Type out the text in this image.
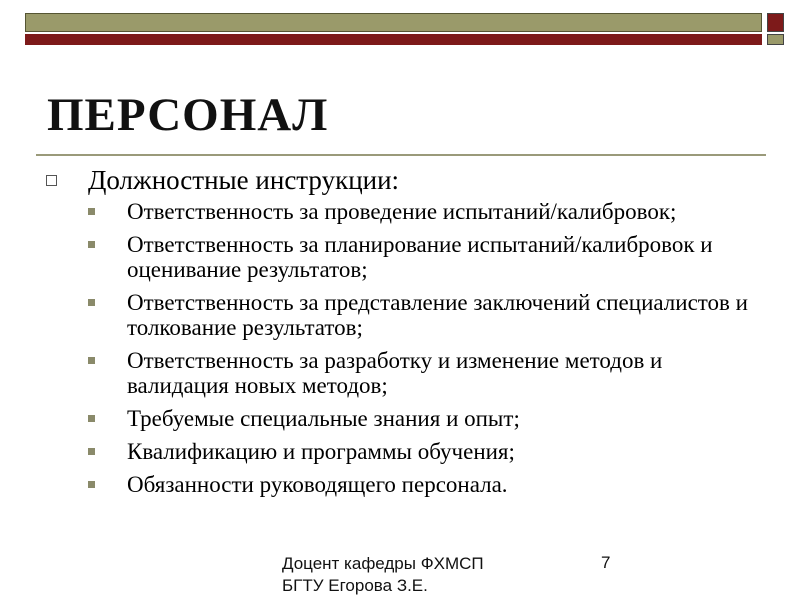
ПЕРСОНАЛ
Должностные инструкции:
Ответственность за проведение испытаний/калибровок;
Ответственность за планирование испытаний/калибровок и оценивание результатов;
Ответственность за представление заключений специалистов и толкование результатов;
Ответственность за разработку и изменение методов и валидация новых методов;
Требуемые специальные знания и опыт;
Квалификацию и программы обучения;
Обязанности руководящего персонала.
Доцент кафедры ФХМСП
БГТУ Егорова З.Е.
7
